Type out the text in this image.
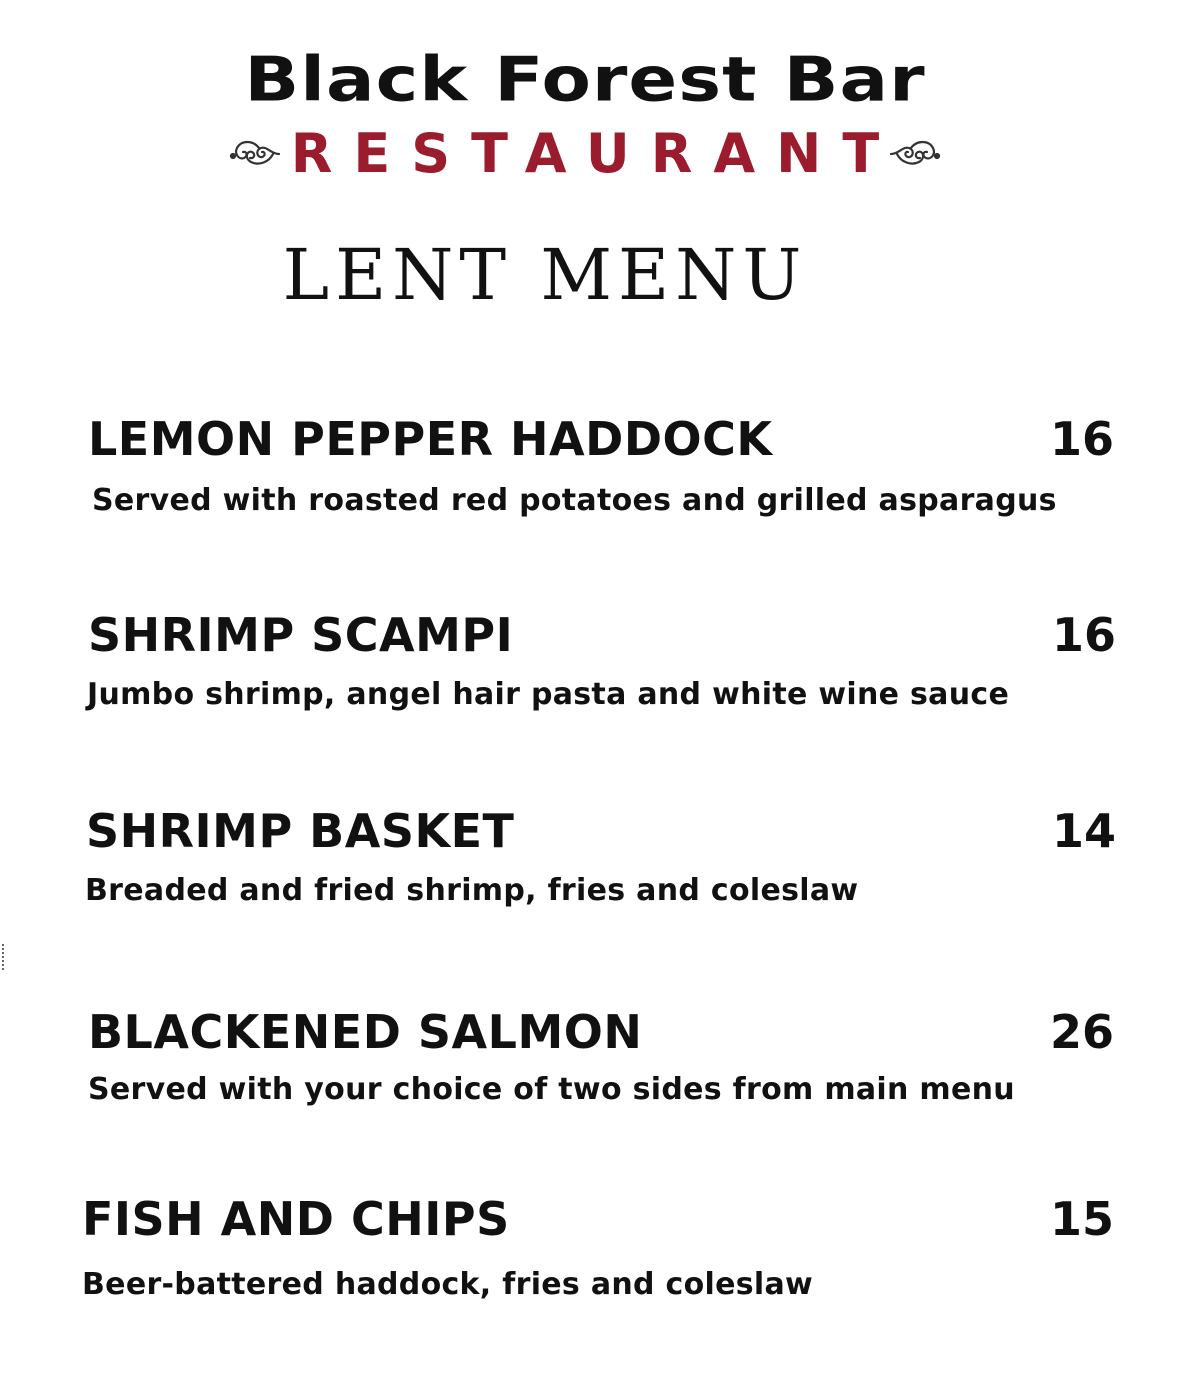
Black Forest Bar
RESTAURANT
LENT MENU
LEMON PEPPER HADDOCK	16
Served with roasted red potatoes and grilled asparagus
SHRIMP SCAMPI	16
Jumbo shrimp, angel hair pasta and white wine sauce
SHRIMP BASKET	14
Breaded and fried shrimp, fries and coleslaw
BLACKENED SALMON	26
Served with your choice of two sides from main menu
FISH AND CHIPS	15
Beer-battered haddock, fries and coleslaw
